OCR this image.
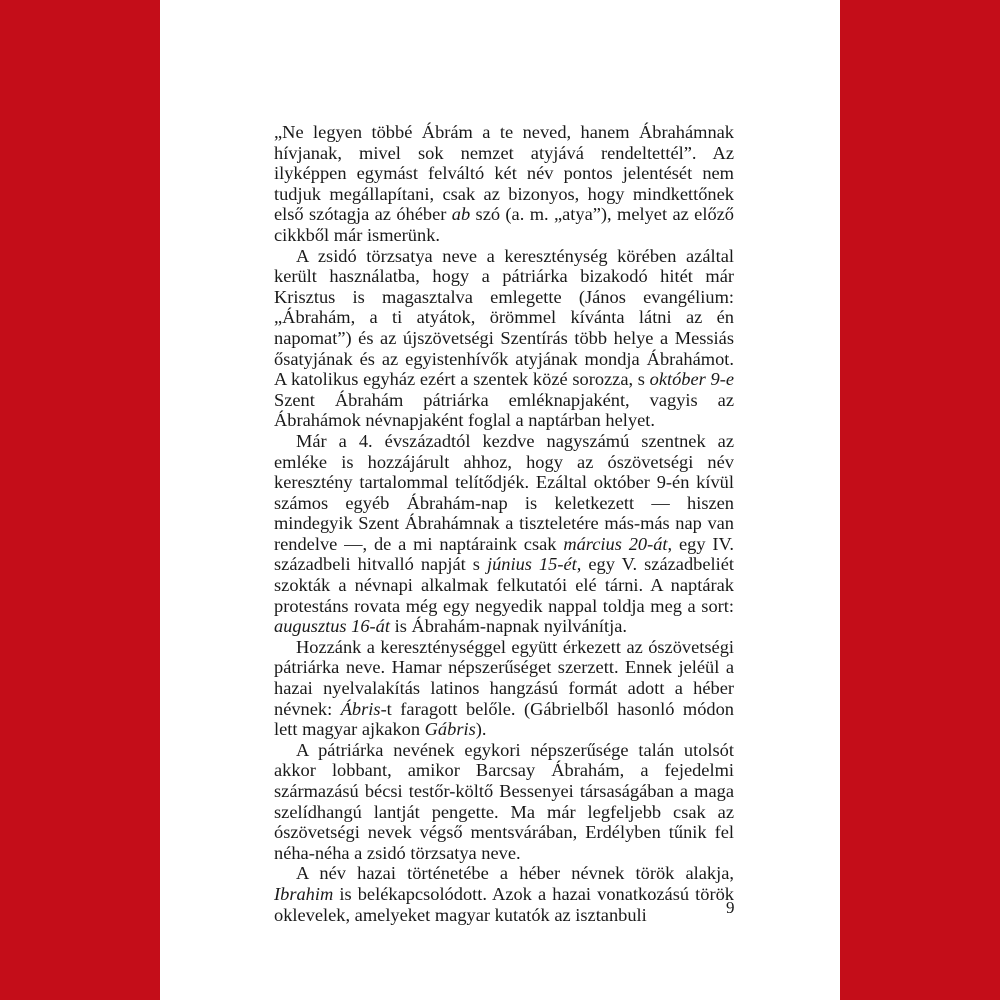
„Ne legyen többé Ábrám a te neved, hanem Ábrahámnak hívjanak, mivel sok nemzet atyjává rendeltettél”. Az ilyképpen egymást felváltó két név pontos jelentését nem tudjuk megállapítani, csak az bizonyos, hogy mindkettőnek első szótagja az óhéber ab szó (a. m. „atya”), melyet az előző cikkből már ismerünk.

A zsidó törzsatya neve a kereszténység körében azáltal került használatba, hogy a pátriárka bizakodó hitét már Krisztus is magasztalva emlegette (János evangélium: „Ábrahám, a ti atyátok, örömmel kívánta látni az én napomat”) és az újszövetségi Szentírás több helye a Messiás ősatyjának és az egyistenhívők atyjának mondja Ábrahámot. A katolikus egyház ezért a szentek közé sorozza, s október 9-e Szent Ábrahám pátriárka emléknapjaként, vagyis az Ábrahámok névnapjaként foglal a naptárban helyet.

Már a 4. évszázadtól kezdve nagyszámú szentnek az emléke is hozzájárult ahhoz, hogy az ószövetségi név keresztény tartalommal telítődjék. Ezáltal október 9-én kívül számos egyéb Ábrahám-nap is keletkezett — hiszen mindegyik Szent Ábrahámnak a tiszteletére más-más nap van rendelve —, de a mi naptáraink csak március 20-át, egy IV. századbeli hitvalló napját s június 15-ét, egy V. századbeliét szokták a névnapi alkalmak felkutatói elé tárni. A naptárak protestáns rovata még egy negyedik nappal toldja meg a sort: augusztus 16-át is Ábrahám-napnak nyilvánítja.

Hozzánk a kereszténységgel együtt érkezett az ószövetségi pátriárka neve. Hamar népszerűséget szerzett. Ennek jeléül a hazai nyelvalakítás latinos hangzású formát adott a héber névnek: Ábris-t faragott belőle. (Gábrielből hasonló módon lett magyar ajkakon Gábris).

A pátriárka nevének egykori népszerűsége talán utolsót akkor lobbant, amikor Barcsay Ábrahám, a fejedelmi származású bécsi testőr-költő Bessenyei társaságában a maga szelídhangú lantját pengette. Ma már legfeljebb csak az ószövetségi nevek végső mentsvárában, Erdélyben tűnik fel néha-néha a zsidó törzsatya neve.

A név hazai történetébe a héber névnek török alakja, Ibrahim is belékapcsolódott. Azok a hazai vonatkozású török oklevelek, amelyeket magyar kutatók az isztanbuli	9
